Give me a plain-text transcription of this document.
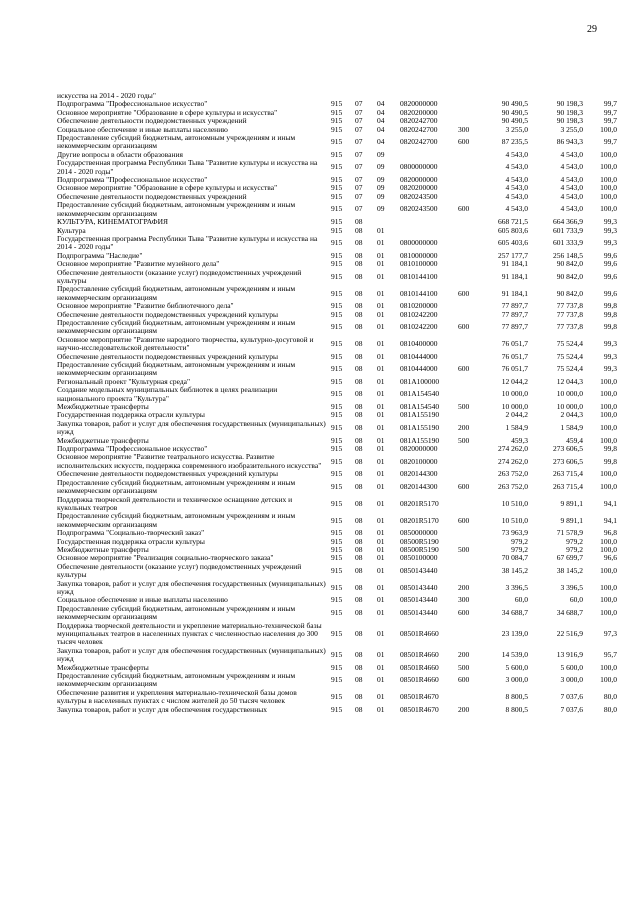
29
искусства на 2014 - 2020 годы"								
Подпрограмма "Профессиональное искусство"	915	07	04	0820000000		90 490,5	90 198,3	99,7
Основное мероприятие "Образование в сфере культуры и искусства"	915	07	04	0820200000		90 490,5	90 198,3	99,7
Обеспечение деятельности подведомственных учреждений	915	07	04	0820242700		90 490,5	90 198,3	99,7
Социальное обеспечение и иные выплаты населению	915	07	04	0820242700	300	3 255,0	3 255,0	100,0
Предоставление субсидий бюджетным, автономным учреждениям и иным некоммерческим организациям	915	07	04	0820242700	600	87 235,5	86 943,3	99,7
Другие вопросы в области образования	915	07	09			4 543,0	4 543,0	100,0
Государственная программа Республики Тыва "Развитие культуры и искусства на 2014 - 2020 годы"	915	07	09	0800000000		4 543,0	4 543,0	100,0
Подпрограмма "Профессиональное искусство"	915	07	09	0820000000		4 543,0	4 543,0	100,0
Основное мероприятие "Образование в сфере культуры и искусства"	915	07	09	0820200000		4 543,0	4 543,0	100,0
Обеспечение деятельности подведомственных учреждений	915	07	09	0820243500		4 543,0	4 543,0	100,0
Предоставление субсидий бюджетным, автономным учреждениям и иным некоммерческим организациям	915	07	09	0820243500	600	4 543,0	4 543,0	100,0
КУЛЬТУРА, КИНЕМАТОГРАФИЯ	915	08				668 721,5	664 366,9	99,3
Культура	915	08	01			605 803,6	601 733,9	99,3
Государственная программа Республики Тыва "Развитие культуры и искусства на 2014 - 2020 годы"	915	08	01	0800000000		605 403,6	601 333,9	99,3
Подпрограмма "Наследие"	915	08	01	0810000000		257 177,7	256 148,5	99,6
Основное мероприятие "Развитие музейного дела"	915	08	01	0810100000		91 184,1	90 842,0	99,6
Обеспечение деятельности (оказание услуг) подведомственных учреждений культуры	915	08	01	0810144100		91 184,1	90 842,0	99,6
Предоставление субсидий бюджетным, автономным учреждениям и иным некоммерческим организациям	915	08	01	0810144100	600	91 184,1	90 842,0	99,6
Основное мероприятие "Развитие библиотечного дела"	915	08	01	0810200000		77 897,7	77 737,8	99,8
Обеспечение деятельности подведомственных учреждений культуры	915	08	01	0810242200		77 897,7	77 737,8	99,8
Предоставление субсидий бюджетным, автономным учреждениям и иным некоммерческим организациям	915	08	01	0810242200	600	77 897,7	77 737,8	99,8
Основное мероприятие "Развитие народного творчества, культурно-досуговой и научно-исследовательской деятельности"	915	08	01	0810400000		76 051,7	75 524,4	99,3
Обеспечение деятельности подведомственных учреждений культуры	915	08	01	0810444000		76 051,7	75 524,4	99,3
Предоставление субсидий бюджетным, автономным учреждениям и иным некоммерческим организациям	915	08	01	0810444000	600	76 051,7	75 524,4	99,3
Региональный проект "Культурная среда"	915	08	01	081A100000		12 044,2	12 044,3	100,0
Создание модельных муниципальных библиотек в целях реализации национального проекта "Культура"	915	08	01	081A154540		10 000,0	10 000,0	100,0
Межбюджетные трансферты	915	08	01	081A154540	500	10 000,0	10 000,0	100,0
Государственная поддержка отрасли культуры	915	08	01	081A155190		2 044,2	2 044,3	100,0
Закупка товаров, работ и услуг для обеспечения государственных (муниципальных) нужд	915	08	01	081A155190	200	1 584,9	1 584,9	100,0
Межбюджетные трансферты	915	08	01	081A155190	500	459,3	459,4	100,0
Подпрограмма "Профессиональное искусство"	915	08	01	0820000000		274 262,0	273 606,5	99,8
Основное мероприятие "Развитие театрального искусства. Развитие исполнительских искусств, поддержка современного изобразительного искусства"	915	08	01	0820100000		274 262,0	273 606,5	99,8
Обеспечение деятельности подведомственных учреждений культуры	915	08	01	0820144300		263 752,0	263 715,4	100,0
Предоставление субсидий бюджетным, автономным учреждениям и иным некоммерческим организациям	915	08	01	0820144300	600	263 752,0	263 715,4	100,0
Поддержка творческой деятельности и техническое оснащение детских и кукольных театров	915	08	01	08201R5170		10 510,0	9 891,1	94,1
Предоставление субсидий бюджетным, автономным учреждениям и иным некоммерческим организациям	915	08	01	08201R5170	600	10 510,0	9 891,1	94,1
Подпрограмма "Социально-творческий заказ"	915	08	01	0850000000		73 963,9	71 578,9	96,8
Государственная поддержка отрасли культуры	915	08	01	08500R5190		979,2	979,2	100,0
Межбюджетные трансферты	915	08	01	08500R5190	500	979,2	979,2	100,0
Основное мероприятие "Реализация социально-творческого заказа"	915	08	01	0850100000		70 084,7	67 699,7	96,6
Обеспечение деятельности (оказание услуг) подведомственных учреждений культуры	915	08	01	0850143440		38 145,2	38 145,2	100,0
Закупка товаров, работ и услуг для обеспечения государственных (муниципальных) нужд	915	08	01	0850143440	200	3 396,5	3 396,5	100,0
Социальное обеспечение и иные выплаты населению	915	08	01	0850143440	300	60,0	60,0	100,0
Предоставление субсидий бюджетным, автономным учреждениям и иным некоммерческим организациям	915	08	01	0850143440	600	34 688,7	34 688,7	100,0
Поддержка творческой деятельности и укрепление материально-технической базы муниципальных театров в населенных пунктах с численностью населения до 300 тысяч человек	915	08	01	08501R4660		23 139,0	22 516,9	97,3
Закупка товаров, работ и услуг для обеспечения государственных (муниципальных) нужд	915	08	01	08501R4660	200	14 539,0	13 916,9	95,7
Межбюджетные трансферты	915	08	01	08501R4660	500	5 600,0	5 600,0	100,0
Предоставление субсидий бюджетным, автономным учреждениям и иным некоммерческим организациям	915	08	01	08501R4660	600	3 000,0	3 000,0	100,0
Обеспечение развития и укрепления материально-технической базы домов культуры в населенных пунктах с числом жителей до 50 тысяч человек	915	08	01	08501R4670		8 800,5	7 037,6	80,0
Закупка товаров, работ и услуг для обеспечения государственных	915	08	01	08501R4670	200	8 800,5	7 037,6	80,0
